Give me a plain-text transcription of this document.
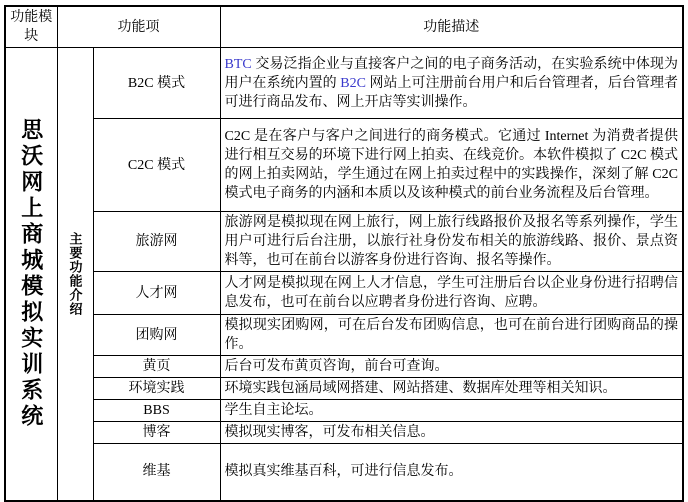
功能模块	功能项		功能描述

思沃网上商城模拟实训系统	主要功能介绍	B2C 模式	BTC 交易泛指企业与直接客户之间的电子商务活动，在实验系统中体现为用户在系统内置的 B2C 网站上可注册前台用户和后台管理者，后台管理者可进行商品发布、网上开店等实训操作。
		C2C 模式	C2C 是在客户与客户之间进行的商务模式。它通过 Internet 为消费者提供进行相互交易的环境下进行网上拍卖、在线竞价。本软件模拟了 C2C 模式的网上拍卖网站，学生通过在网上拍卖过程中的实践操作，深刻了解 C2C 模式电子商务的内涵和本质以及该种模式的前台业务流程及后台管理。
		旅游网	旅游网是模拟现在网上旅行，网上旅行线路报价及报名等系列操作，学生用户可进行后台注册，以旅行社身份发布相关的旅游线路、报价、景点资料等，也可在前台以游客身份进行咨询、报名等操作。
		人才网	人才网是模拟现在网上人才信息，学生可注册后台以企业身份进行招聘信息发布，也可在前台以应聘者身份进行咨询、应聘。
		团购网	模拟现实团购网，可在后台发布团购信息，也可在前台进行团购商品的操作。
		黄页	后台可发布黄页咨询，前台可查询。
		环境实践	环境实践包涵局域网搭建、网站搭建、数据库处理等相关知识。
		BBS	学生自主论坛。
		博客	模拟现实博客，可发布相关信息。
		维基	模拟真实维基百科，可进行信息发布。
